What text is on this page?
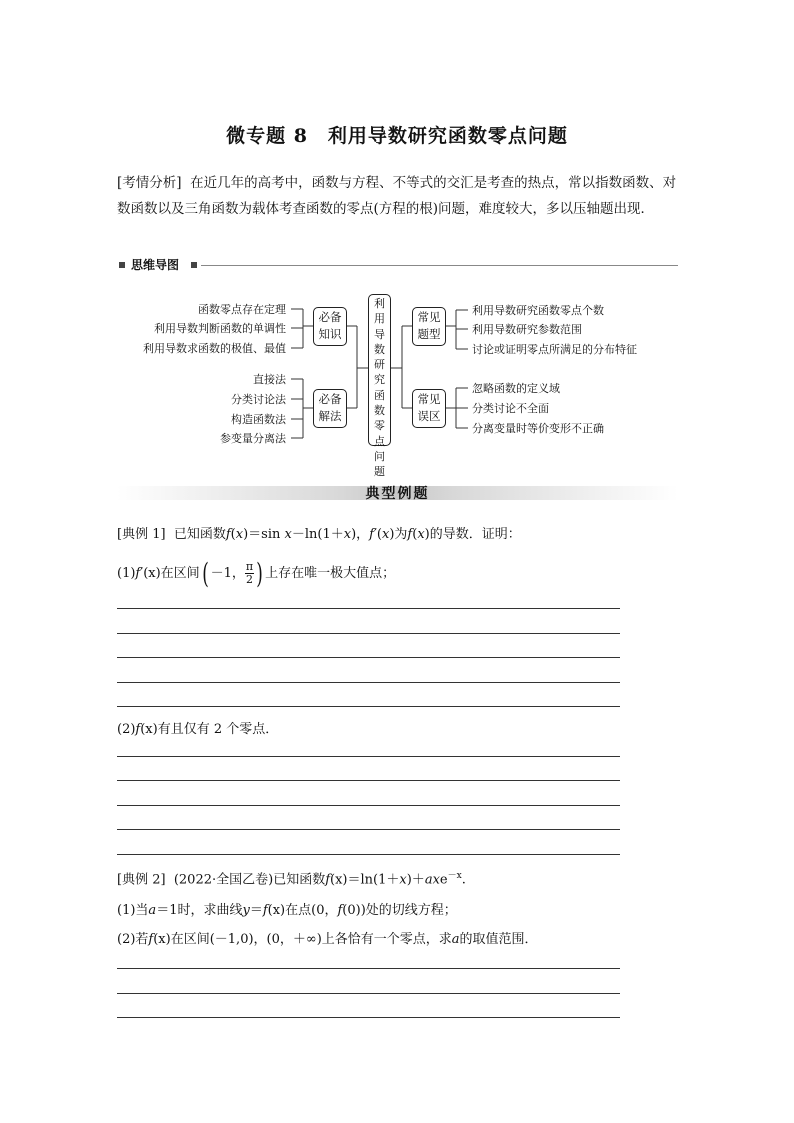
微专题 8　利用导数研究函数零点问题
[考情分析] 在近几年的高考中，函数与方程、不等式的交汇是考查的热点，常以指数函数、对数函数以及三角函数为载体考查函数的零点(方程的根)问题，难度较大，多以压轴题出现．
思维导图
函数零点存在定理
利用导数判断函数的单调性
利用导数求函数的极值、最值
直接法
分类讨论法
构造函数法
参变量分离法
必备知识
必备解法
利用导数研究函数零点问题
常见题型
常见误区
利用导数研究函数零点个数
利用导数研究参数范围
讨论或证明零点所满足的分布特征
忽略函数的定义域
分类讨论不全面
分离变量时等价变形不正确
典型例题
[典例 1] 已知函数f(x)＝sin x－ln(1＋x)，f′(x)为f(x)的导数．证明：
(1)f′(x)在区间( －1， $\frac{\pi}{2}$ ) 上存在唯一极大值点；
(2)f(x)有且仅有 2 个零点．
[典例 2] (2022·全国乙卷)已知函数f(x)＝ln(1＋x)＋axe$^{-x}$.
(1)当a＝1时，求曲线y＝f(x)在点(0，f(0))处的切线方程；
(2)若f(x)在区间(－1,0)，(0，＋∞)上各恰有一个零点，求a的取值范围．
